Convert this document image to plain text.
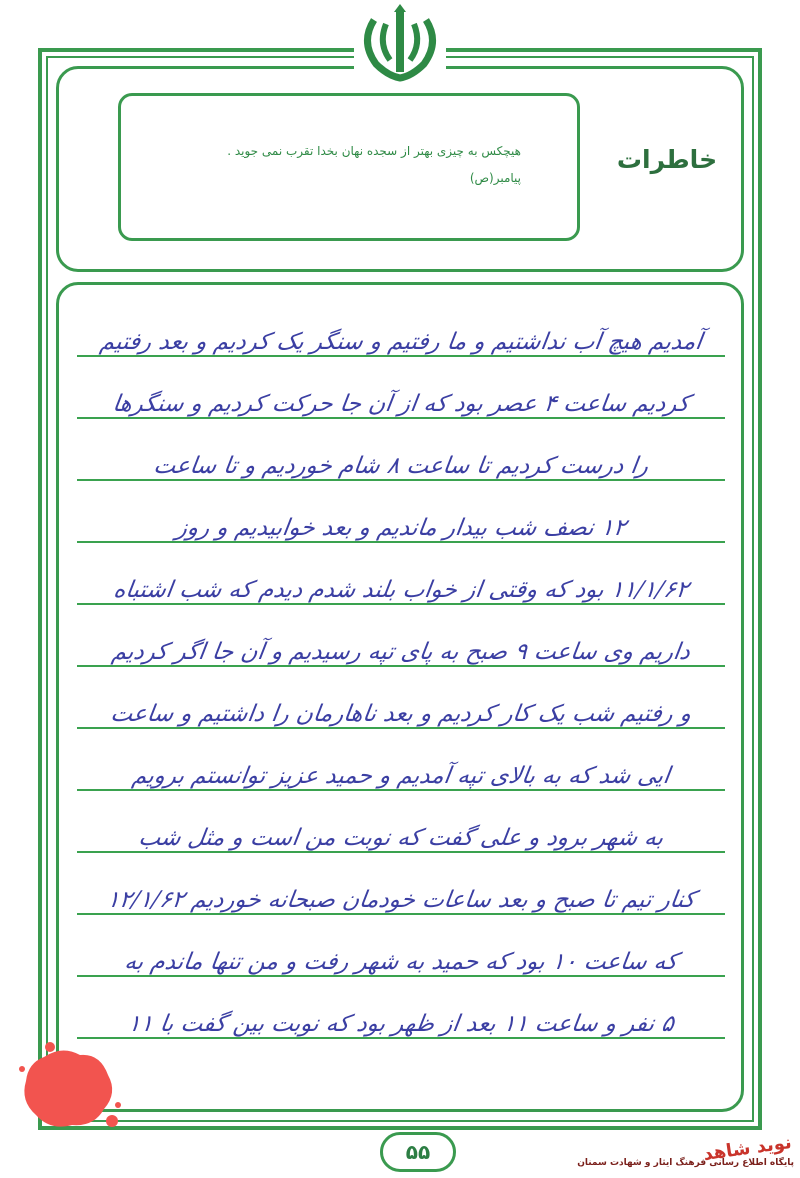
هیچکس به چیزی بهتر از سجده نهان بخدا تقرب نمی جوید .

پیامبر(ص)

خاطرات
آمدیم هیچ آب نداشتیم و ما رفتیم و سنگر یک کردیم و بعد رفتیم
کردیم ساعت ۴ عصر بود که از آن جا حرکت کردیم و سنگرها
را درست کردیم تا ساعت ۸ شام خوردیم و تا ساعت
۱۲ نصف شب بیدار ماندیم و بعد خوابیدیم و روز
۱۱/۱/۶۲ بود که وقتی از خواب بلند شدم دیدم که شب اشتباه
داریم وی ساعت ۹ صبح به پای تپه رسیدیم و آن جا اگر کردیم
و رفتیم شب یک کار کردیم و بعد ناهارمان را داشتیم و ساعت
ایی شد که به بالای تپه آمدیم و حمید عزیز توانستم برویم
به شهر برود و علی گفت که نوبت من است و مثل شب
کنار تیم تا صبح و بعد ساعات خودمان صبحانه خوردیم ۱۲/۱/۶۲
که ساعت ۱۰ بود که حمید به شهر رفت و من تنها ماندم به
۵ نفر و ساعت ۱۱ بعد از ظهر بود که نوبت بین گفت با ۱۱
۵۵	نوید شاهد
پایگاه اطلاع رسانی فرهنگ ایثار و شهادت سمنان
